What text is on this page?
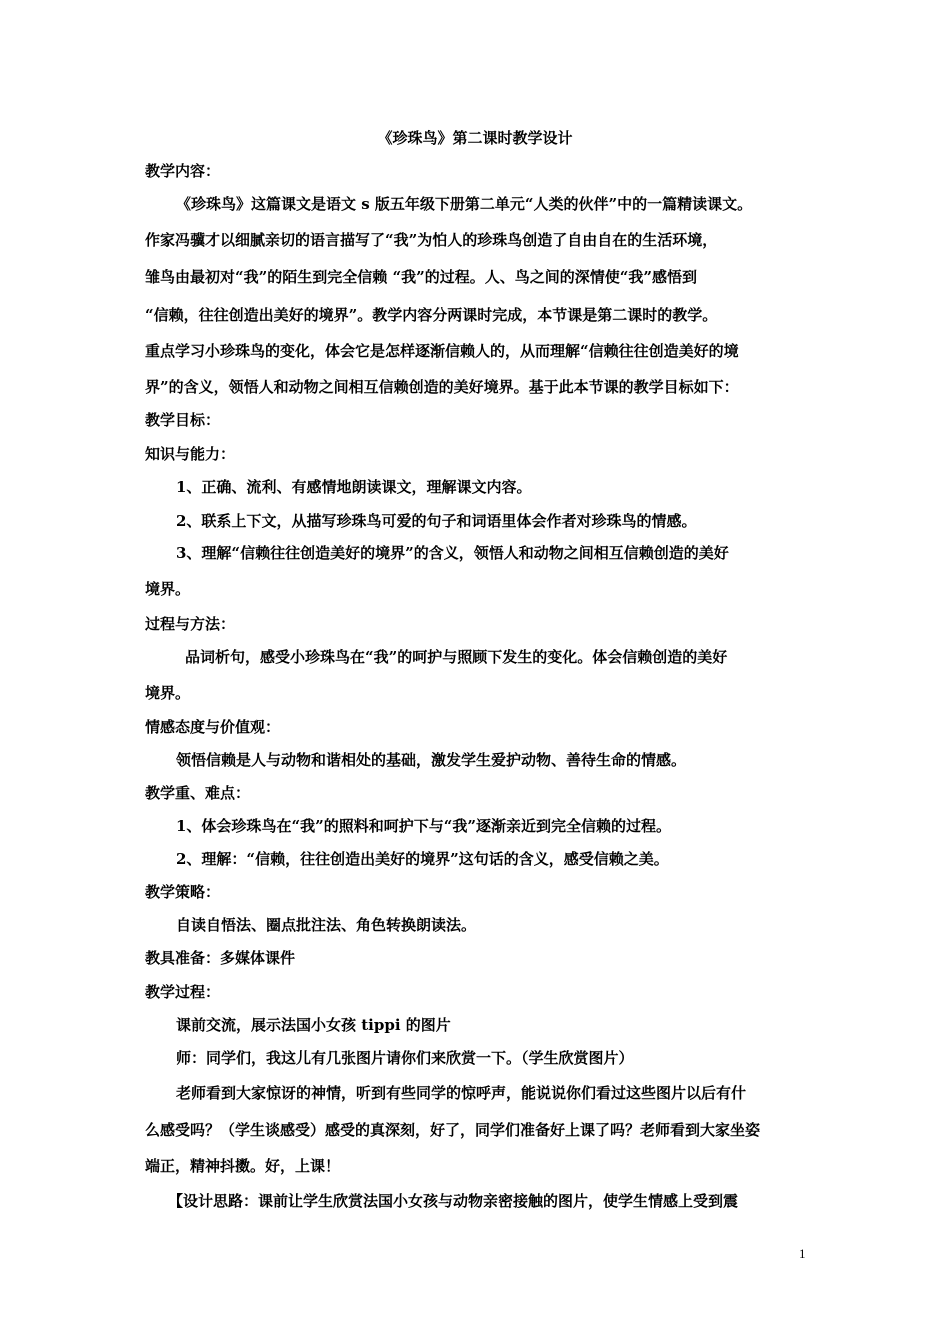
《珍珠鸟》第二课时教学设计
教学内容：
《珍珠鸟》这篇课文是语文 s 版五年级下册第二单元“人类的伙伴”中的一篇精读课文。
作家冯骥才以细腻亲切的语言描写了“我”为怕人的珍珠鸟创造了自由自在的生活环境，
雏鸟由最初对“我”的陌生到完全信赖 “我”的过程。人、鸟之间的深情使“我”感悟到
“信赖，往往创造出美好的境界”。教学内容分两课时完成，本节课是第二课时的教学。
重点学习小珍珠鸟的变化，体会它是怎样逐渐信赖人的，从而理解“信赖往往创造美好的境
界”的含义，领悟人和动物之间相互信赖创造的美好境界。基于此本节课的教学目标如下：
教学目标：
知识与能力：
1、正确、流利、有感情地朗读课文，理解课文内容。
2、联系上下文，从描写珍珠鸟可爱的句子和词语里体会作者对珍珠鸟的情感。
3、理解“信赖往往创造美好的境界”的含义，领悟人和动物之间相互信赖创造的美好
境界。
过程与方法：
品词析句，感受小珍珠鸟在“我”的呵护与照顾下发生的变化。体会信赖创造的美好
境界。
情感态度与价值观：
领悟信赖是人与动物和谐相处的基础，激发学生爱护动物、善待生命的情感。
教学重、难点：
1、体会珍珠鸟在“我”的照料和呵护下与“我”逐渐亲近到完全信赖的过程。
2、理解：“信赖，往往创造出美好的境界”这句话的含义，感受信赖之美。
教学策略：
自读自悟法、圈点批注法、角色转换朗读法。
教具准备：多媒体课件
教学过程：
课前交流，展示法国小女孩 tippi 的图片
师：同学们，我这儿有几张图片请你们来欣赏一下。（学生欣赏图片）
老师看到大家惊讶的神情，听到有些同学的惊呼声，能说说你们看过这些图片以后有什
么感受吗？（学生谈感受）感受的真深刻，好了，同学们准备好上课了吗？老师看到大家坐姿
端正，精神抖擞。好，上课！
【设计思路：课前让学生欣赏法国小女孩与动物亲密接触的图片，使学生情感上受到震
1
